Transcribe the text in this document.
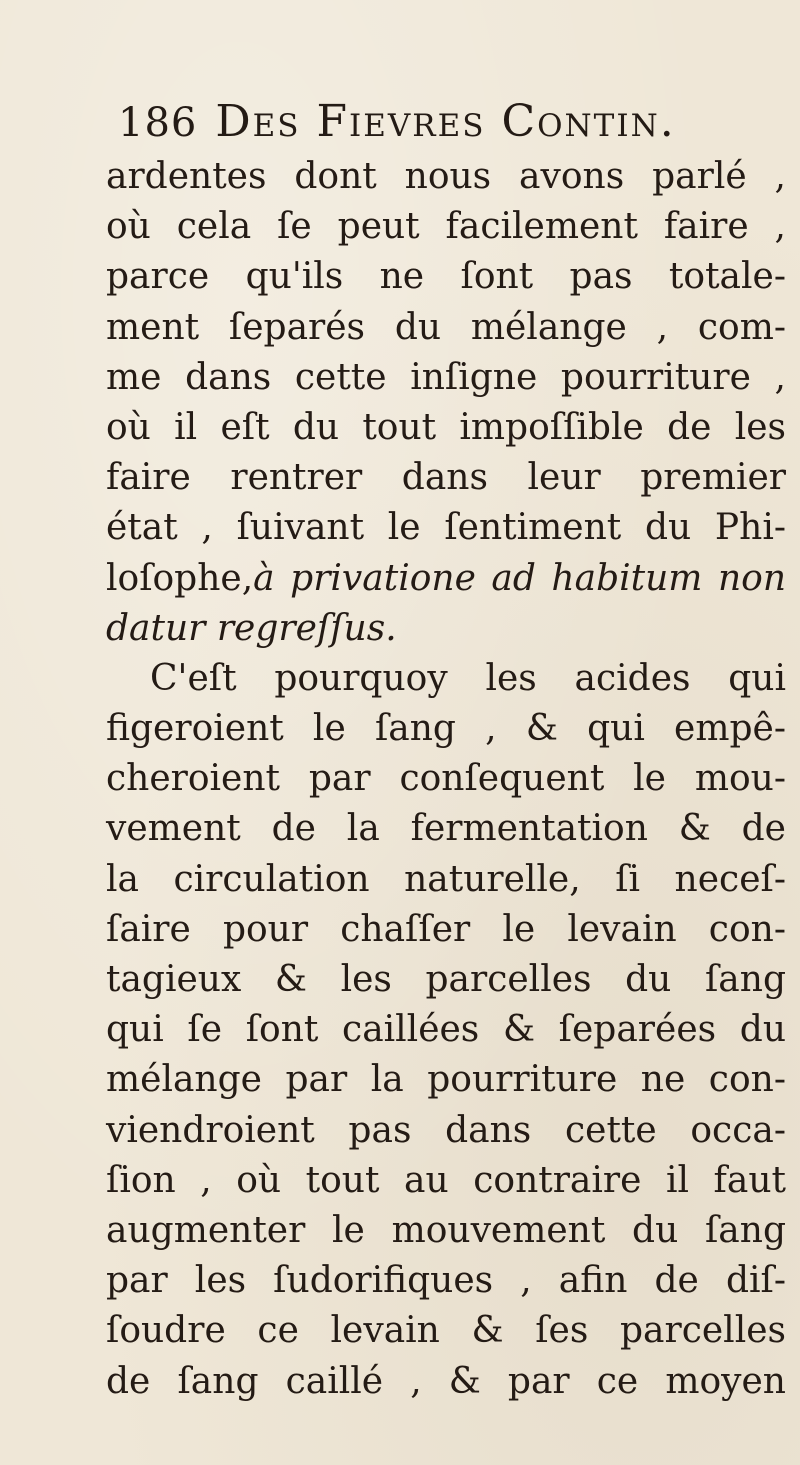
186 Des Fievres Contin.
ardentes dont nous avons parlé ,
où cela ſe peut facilement faire ,
parce qu'ils ne ſont pas totale-
ment ſeparés du mélange , com-
me dans cette inſigne pourriture ,
où il eſt du tout impoſſible de les
faire rentrer dans leur premier
état , ſuivant le ſentiment du Phi-
loſophe,à privatione ad habitum non
datur regreſſus.
C'eſt pourquoy les acides qui
figeroient le ſang , & qui empê-
cheroient par conſequent le mou-
vement de la fermentation & de
la circulation naturelle, ſi neceſ-
ſaire pour chaſſer le levain con-
tagieux & les parcelles du ſang
qui ſe ſont caillées & ſeparées du
mélange par la pourriture ne con-
viendroient pas dans cette occa-
ſion , où tout au contraire il faut
augmenter le mouvement du ſang
par les ſudorifiques , afin de diſ-
ſoudre ce levain & ſes parcelles
de ſang caillé , & par ce moyen
